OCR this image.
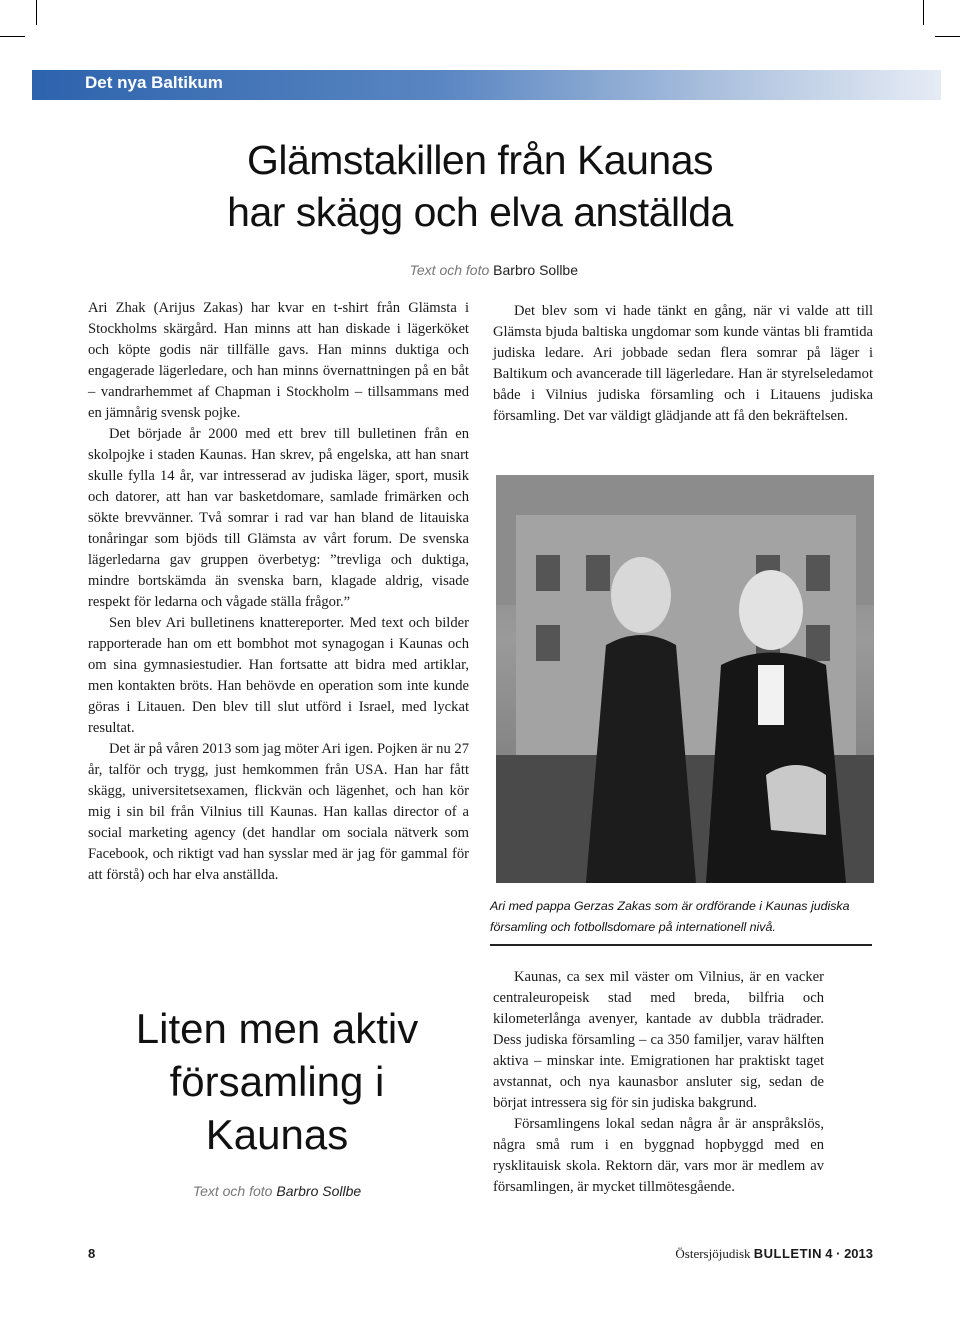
Det nya Baltikum
Glämstakillen från Kaunas
har skägg och elva anställda
Text och foto Barbro Sollbe

Ari Zhak (Arijus Zakas) har kvar en t-shirt från Glämsta i Stockholms skärgård. Han minns att han diskade i lägerköket och köpte godis när tillfälle gavs. Han minns duktiga och engagerade lägerledare, och han minns övernattningen på en båt – vandrarhemmet af Chapman i Stockholm – tillsammans med en jämnårig svensk pojke.

Det började år 2000 med ett brev till bulletinen från en skolpojke i staden Kaunas. Han skrev, på engelska, att han snart skulle fylla 14 år, var intresserad av judiska läger, sport, musik och datorer, att han var basketdomare, samlade frimärken och sökte brevvänner. Två somrar i rad var han bland de litauiska tonåringar som bjöds till Glämsta av vårt forum. De svenska lägerledarna gav gruppen överbetyg: ”trevliga och duktiga, mindre bortskämda än svenska barn, klagade aldrig, visade respekt för ledarna och vågade ställa frågor.”

Sen blev Ari bulletinens knattereporter. Med text och bilder rapporterade han om ett bombhot mot synagogan i Kaunas och om sina gymnasiestudier. Han fortsatte att bidra med artiklar, men kontakten bröts. Han behövde en operation som inte kunde göras i Litauen. Den blev till slut utförd i Israel, med lyckat resultat.

Det är på våren 2013 som jag möter Ari igen. Pojken är nu 27 år, talför och trygg, just hemkommen från USA. Han har fått skägg, universitetsexamen, flickvän och lägenhet, och han kör mig i sin bil från Vilnius till Kaunas. Han kallas director of a social marketing agency (det handlar om sociala nätverk som Facebook, och riktigt vad han sysslar med är jag för gammal för att förstå) och har elva anställda.

Det blev som vi hade tänkt en gång, när vi valde att till Glämsta bjuda baltiska ungdomar som kunde väntas bli framtida judiska ledare. Ari jobbade sedan flera somrar på läger i Baltikum och avancerade till lägerledare. Han är styrelseledamot både i Vilnius judiska församling och i Litauens judiska församling. Det var väldigt glädjande att få den bekräftelsen.

Ari med pappa Gerzas Zakas som är ordförande i Kaunas judiska församling och fotbollsdomare på internationell nivå.
Liten men aktiv
församling i
Kaunas
Text och foto Barbro Sollbe

Kaunas, ca sex mil väster om Vilnius, är en vacker centraleuropeisk stad med breda, bilfria och kilometerlånga avenyer, kantade av dubbla trädrader. Dess judiska församling – ca 350 familjer, varav hälften aktiva – minskar inte. Emigrationen har praktiskt taget avstannat, och nya kaunasbor ansluter sig, sedan de börjat intressera sig för sin judiska bakgrund.

Församlingens lokal sedan några år är anspråkslös, några små rum i en byggnad hopbyggd med en rysklitauisk skola. Rektorn där, vars mor är medlem av församlingen, är mycket tillmötesgående.

8	Östersjöjudisk BULLETIN 4 · 2013
